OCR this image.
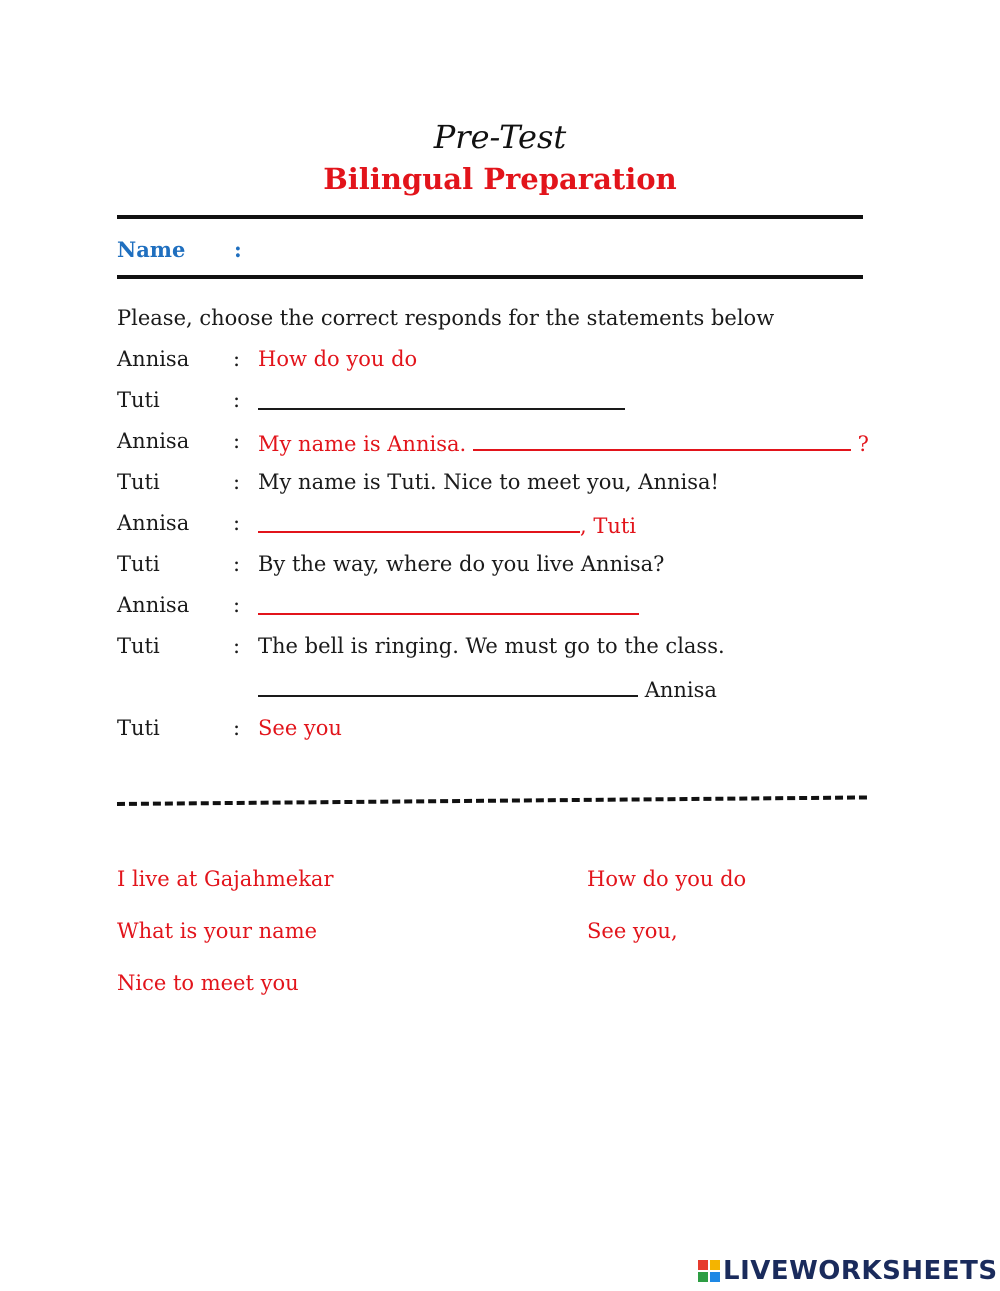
Pre-Test
Bilingual Preparation
Name :
Please, choose the correct responds for the statements below
Annisa : How do you do
Tuti	:
Annisa : My name is Annisa.	?
Tuti	: My name is Tuti. Nice to meet you, Annisa!
Annisa :	, Tuti
Tuti	: By the way, where do you live Annisa?
Annisa :
Tuti	: The bell is ringing. We must go to the class.
Annisa
Tuti	: See you
I live at Gajahmekar
What is your name
Nice to meet you
How do you do
See you,
LIVEWORKSHEETS
